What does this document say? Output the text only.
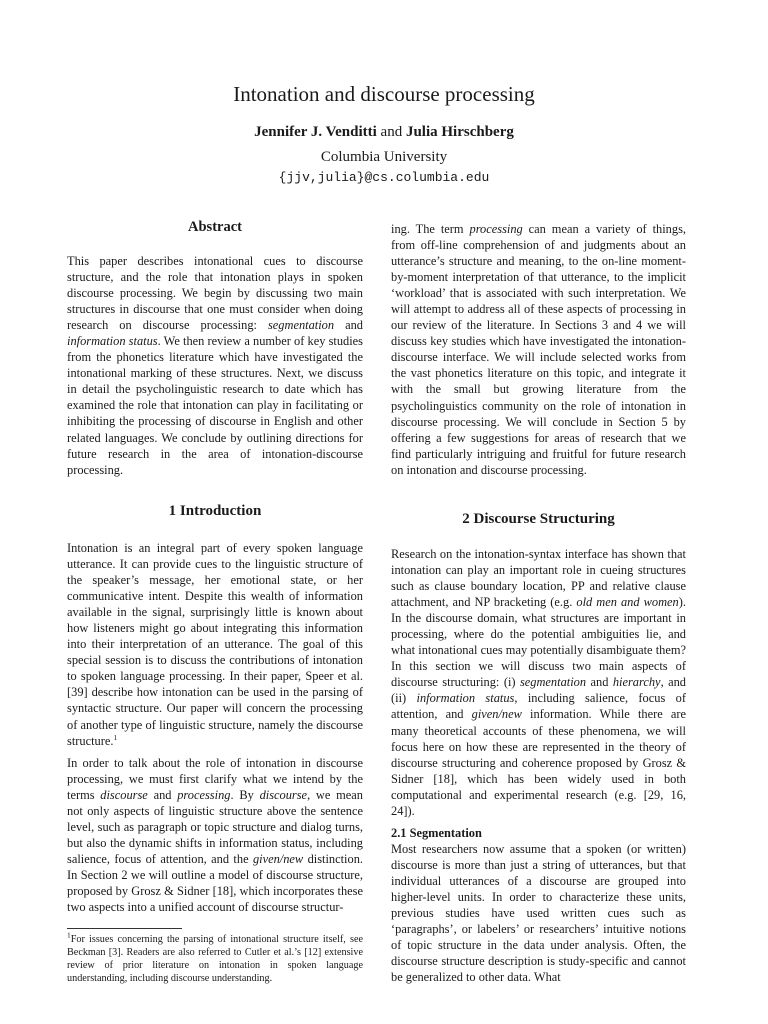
Intonation and discourse processing
Jennifer J. Venditti and Julia Hirschberg
Columbia University
{jjv,julia}@cs.columbia.edu
Abstract

This paper describes intonational cues to discourse structure, and the role that intonation plays in spoken discourse processing. We begin by discussing two main structures in discourse that one must consider when doing research on discourse processing: segmentation and information status. We then review a number of key studies from the phonetics literature which have investigated the intonational marking of these structures. Next, we discuss in detail the psycholinguistic research to date which has examined the role that intonation can play in facilitating or inhibiting the processing of discourse in English and other related languages. We conclude by outlining directions for future research in the area of intonation-discourse processing.

1 Introduction

Intonation is an integral part of every spoken language utterance. It can provide cues to the linguistic structure of the speaker’s message, her emotional state, or her communicative intent. Despite this wealth of information available in the signal, surprisingly little is known about how listeners might go about integrating this information into their interpretation of an utterance. The goal of this special session is to discuss the contributions of intonation to spoken language processing. In their paper, Speer et al. [39] describe how intonation can be used in the parsing of syntactic structure. Our paper will concern the processing of another type of linguistic structure, namely the discourse structure.$^1$

In order to talk about the role of intonation in discourse processing, we must first clarify what we intend by the terms discourse and processing. By discourse, we mean not only aspects of linguistic structure above the sentence level, such as paragraph or topic structure and dialog turns, but also the dynamic shifts in information status, including salience, focus of attention, and the given/new distinction. In Section 2 we will outline a model of discourse structure, proposed by Grosz & Sidner [18], which incorporates these two aspects into a unified account of discourse structur-

$^1$For issues concerning the parsing of intonational structure itself, see Beckman [3]. Readers are also referred to Cutler et al.’s [12] extensive review of prior literature on intonation in spoken language understanding, including discourse understanding.

ing. The term processing can mean a variety of things, from off-line comprehension of and judgments about an utterance’s structure and meaning, to the on-line moment-by-moment interpretation of that utterance, to the implicit ‘workload’ that is associated with such interpretation. We will attempt to address all of these aspects of processing in our review of the literature. In Sections 3 and 4 we will discuss key studies which have investigated the intonation-discourse interface. We will include selected works from the vast phonetics literature on this topic, and integrate it with the small but growing literature from the psycholinguistics community on the role of intonation in discourse processing. We will conclude in Section 5 by offering a few suggestions for areas of research that we find particularly intriguing and fruitful for future research on intonation and discourse processing.

2 Discourse Structuring

Research on the intonation-syntax interface has shown that intonation can play an important role in cueing structures such as clause boundary location, PP and relative clause attachment, and NP bracketing (e.g. old men and women). In the discourse domain, what structures are important in processing, where do the potential ambiguities lie, and what intonational cues may potentially disambiguate them? In this section we will discuss two main aspects of discourse structuring: (i) segmentation and hierarchy, and (ii) information status, including salience, focus of attention, and given/new information. While there are many theoretical accounts of these phenomena, we will focus here on how these are represented in the theory of discourse structuring and coherence proposed by Grosz & Sidner [18], which has been widely used in both computational and experimental research (e.g. [29, 16, 24]).

2.1 Segmentation

Most researchers now assume that a spoken (or written) discourse is more than just a string of utterances, but that individual utterances of a discourse are grouped into higher-level units. In order to characterize these units, previous studies have used written cues such as ‘paragraphs’, or labelers’ or researchers’ intuitive notions of topic structure in the data under analysis. Often, the discourse structure description is study-specific and cannot be generalized to other data. What
